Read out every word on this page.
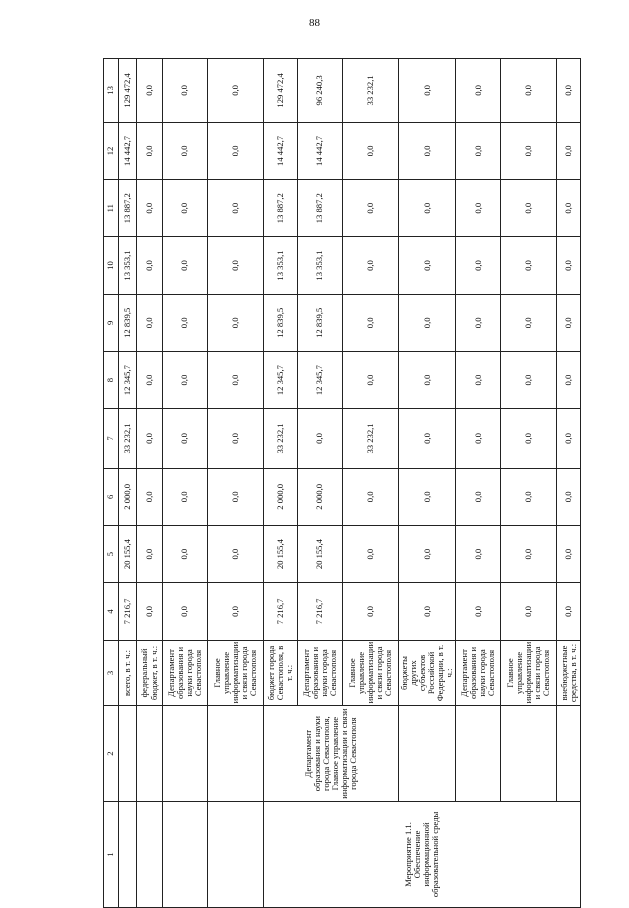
88
1	2	3	4	5	6	7	8	9	10	11	12	13
		всего, в т. ч.:	7 216,7	20 155,4	2 000,0	33 232,1	12 345,7	12 839,5	13 353,1	13 887,2	14 442,7	129 472,4
		федеральный бюджет, в т. ч.:	0,0	0,0	0,0	0,0	0,0	0,0	0,0	0,0	0,0	0,0
		Департамент образования и науки города Севастополя	0,0	0,0	0,0	0,0	0,0	0,0	0,0	0,0	0,0	0,0
		Главное управление информатизации и связи города Севастополя	0,0	0,0	0,0	0,0	0,0	0,0	0,0	0,0	0,0	0,0
Мероприятие 1.1. Обеспечение информационной образовательной среды	Департамент образования и науки города Севастополя, Главное управление информатизации и связи города Севастополя	бюджет города Севастополя, в т. ч.:	7 216,7	20 155,4	2 000,0	33 232,1	12 345,7	12 839,5	13 353,1	13 887,2	14 442,7	129 472,4
		Департамент образования и науки города Севастополя	7 216,7	20 155,4	2 000,0	0,0	12 345,7	12 839,5	13 353,1	13 887,2	14 442,7	96 240,3
		Главное управление информатизации и связи города Севастополя	0,0	0,0	0,0	33 232,1	0,0	0,0	0,0	0,0	0,0	33 232,1
		бюджеты других субъектов Российской Федерации, в т. ч.:	0,0	0,0	0,0	0,0	0,0	0,0	0,0	0,0	0,0	0,0
		Департамент образования и науки города Севастополя	0,0	0,0	0,0	0,0	0,0	0,0	0,0	0,0	0,0	0,0
		Главное управление информатизации и связи города Севастополя	0,0	0,0	0,0	0,0	0,0	0,0	0,0	0,0	0,0	0,0
		внебюджетные средства, в т. ч.:	0,0	0,0	0,0	0,0	0,0	0,0	0,0	0,0	0,0	0,0
